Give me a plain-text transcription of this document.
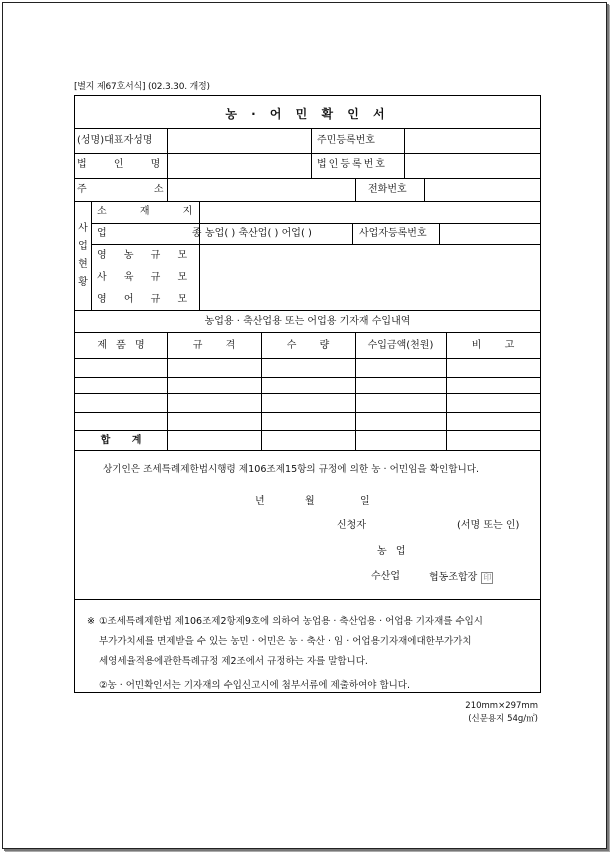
[별지 제67호서식] (02.3.30. 개정)
농 · 어 민 확 인 서
(성명)대표자성명	주민등록번호
법 인 명	법인등록번호
주 소	전화번호
사업현황
소 재 지
업 종 농업( ) 축산업( ) 어업( )	사업자등록번호
영 농 규 모
사 육 규 모
영 어 규 모
농업용 · 축산업용 또는 어업용 기자재 수입내역
제 품 명	규 격	수 량	수입금액(천원)	비 고
합 계
상기인은 조세특례제한법시행령 제106조제15항의 규정에 의한 농 · 어민임을 확인합니다.
년	월	일
신청자	(서명 또는 인)
농 업
수산업	협동조합장 印
※ ①조세특례제한법 제106조제2항제9호에 의하여 농업용 · 축산업용 · 어업용 기자재를 수입시
부가가치세를 면제받을 수 있는 농민 · 어민은 농 · 축산 · 임 · 어업용기자재에대한부가가치
세영세율적용에관한특례규정 제2조에서 규정하는 자를 말합니다.
②농 · 어민확인서는 기자재의 수입신고시에 첨부서류에 제출하여야 합니다.
210mm×297mm
(신문용지 54g/㎡)
